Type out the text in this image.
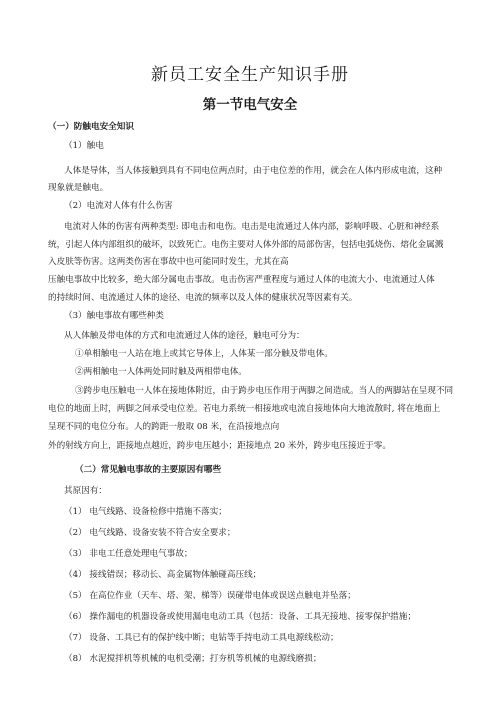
新员工安全生产知识手册
第一节电气安全
（一）防触电安全知识
（1）触电
人体是导体，当人体接触到具有不同电位两点时，由于电位差的作用，就会在人体内形成电流，这种
现象就是触电。
（2）电流对人体有什么伤害
电流对人体的伤害有两种类型: 即电击和电伤。电击是电流通过人体内部，影响呼吸、心脏和神经系
统，引起人体内部组织的破坏，以致死亡。电伤主要对人体外部的局部伤害，包括电弧烧伤、熔化金属溅
入皮肤等伤害。这两类伤害在事故中也可能同时发生，尤其在高
压触电事故中比较多，绝大部分属电击事故。电击伤害严重程度与通过人体的电流大小、电流通过人体
的持续时间、电流通过人体的途径、电流的频率以及人体的健康状况等因素有关。
（3）触电事故有哪些种类
从人体触及带电体的方式和电流通过人体的途径，触电可分为：
①单相触电一人站在地上或其它导体上，人体某一部分触及带电体。
②两相触电一人体两处同时触及两相带电体。
③跨步电压触电一人体在接地体附近，由于跨步电压作用于两脚之间造成。当人的两脚站在呈现不同
电位的地面上时，两脚之间承受电位差。若电力系统一相接地或电流自接地体向大地流散时, 将在地面上
呈现不同的电位分布。人的跨距一般取 08 米，在沿接地点向
外的射线方向上，距接地点越近，跨步电压越小；距接地点 20 米外，跨步电压接近于零。
（二）常见触电事故的主要原因有哪些
其原因有：
（1） 电气线路、设备检修中措施不落实；
（2） 电气线路、设备安装不符合安全要求；
（3） 非电工任意处理电气事故；
（4） 接线错误；移动长、高金属物体触碰高压线；
（5） 在高位作业（天车、塔、架、梯等）误碰带电体或误送点触电并坠落；
（6） 操作漏电的机器设备或使用漏电电动工具（包括：设备、工具无接地、接零保护措施；
（7） 设备、工具已有的保护线中断；电钻等手持电动工具电源线松动；
（8） 水泥搅拌机等机械的电机受潮；打夯机等机械的电源线磨损；
